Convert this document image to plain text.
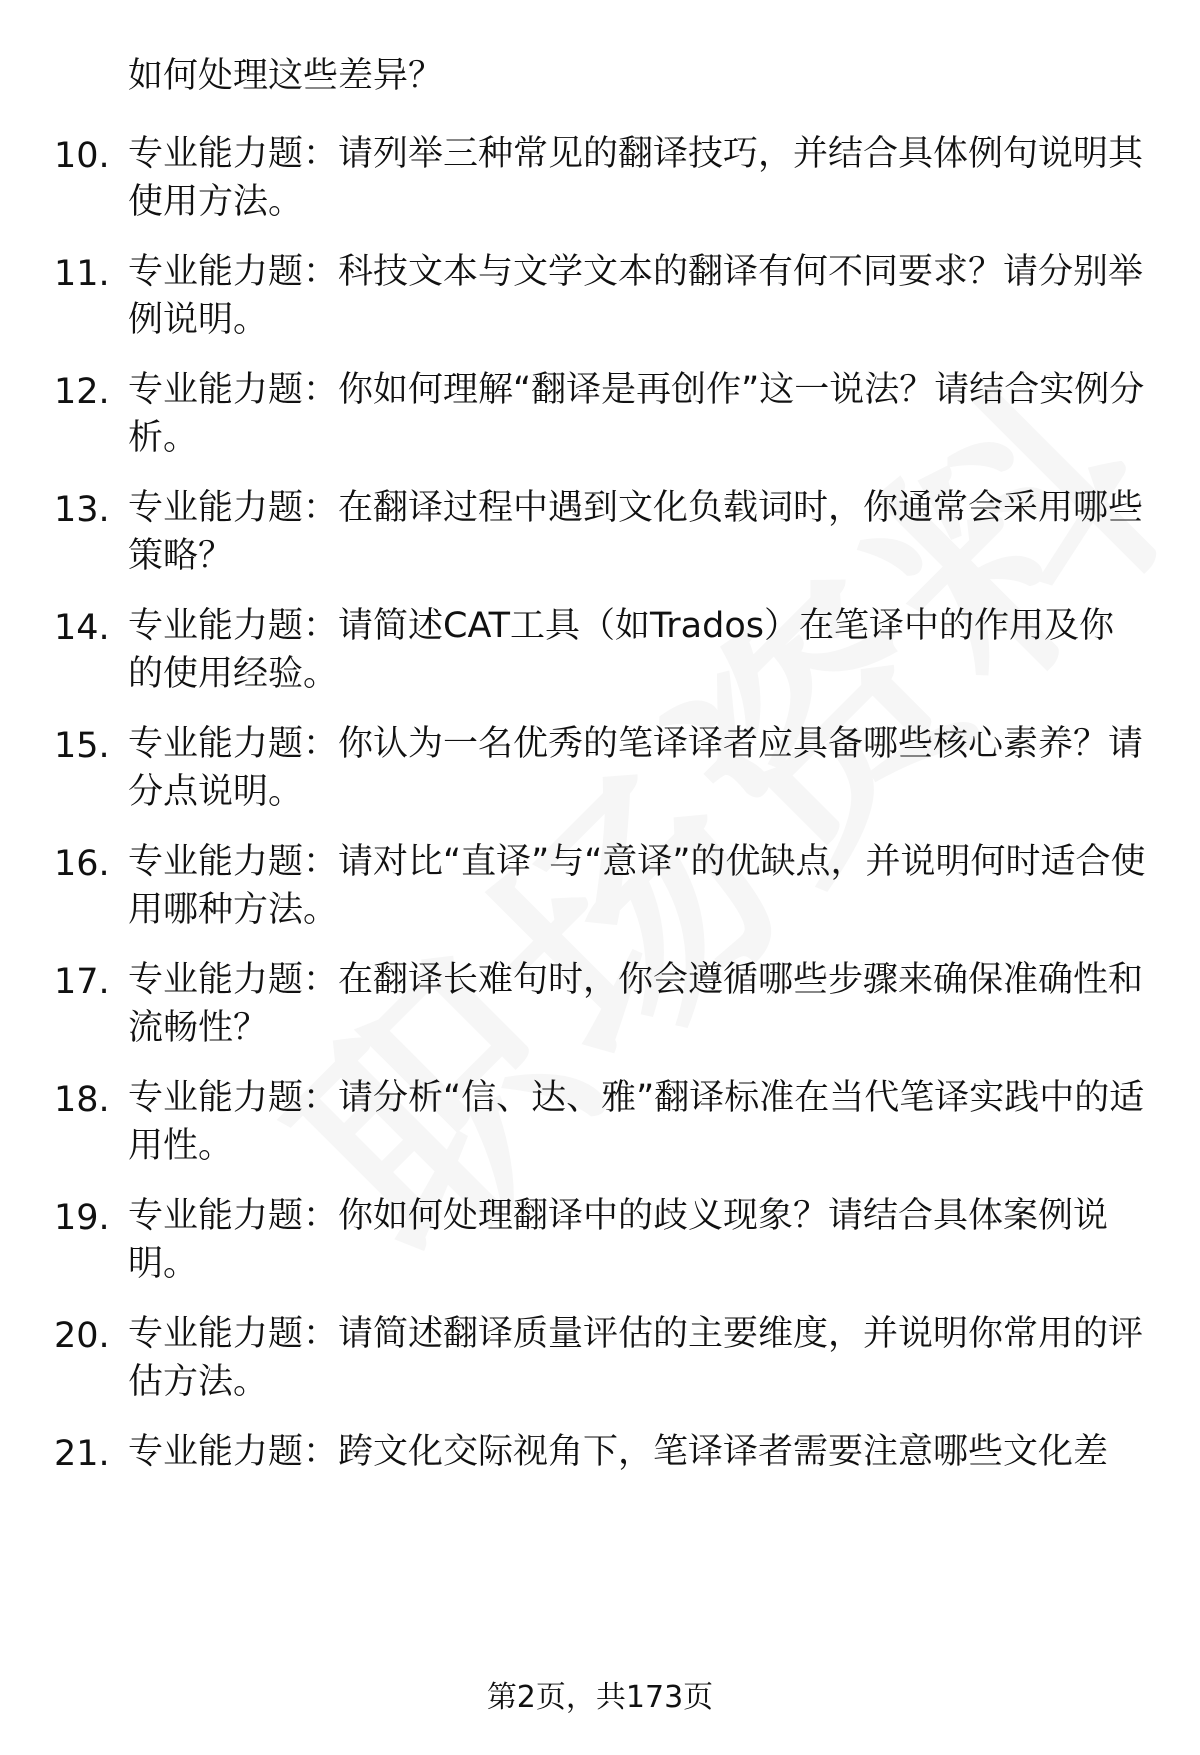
如何处理这些差异？
10. 专业能力题：请列举三种常见的翻译技巧，并结合具体例句说明其使用方法。

11. 专业能力题：科技文本与文学文本的翻译有何不同要求？请分别举例说明。

12. 专业能力题：你如何理解“翻译是再创作”这一说法？请结合实例分析。

13. 专业能力题：在翻译过程中遇到文化负载词时，你通常会采用哪些策略？

14. 专业能力题：请简述CAT工具（如Trados）在笔译中的作用及你的使用经验。

15. 专业能力题：你认为一名优秀的笔译译者应具备哪些核心素养？请分点说明。

16. 专业能力题：请对比“直译”与“意译”的优缺点，并说明何时适合使用哪种方法。

17. 专业能力题：在翻译长难句时，你会遵循哪些步骤来确保准确性和流畅性？

18. 专业能力题：请分析“信、达、雅”翻译标准在当代笔译实践中的适用性。

19. 专业能力题：你如何处理翻译中的歧义现象？请结合具体案例说明。

20. 专业能力题：请简述翻译质量评估的主要维度，并说明你常用的评估方法。

21. 专业能力题：跨文化交际视角下，笔译译者需要注意哪些文化差

第2页，共173页
